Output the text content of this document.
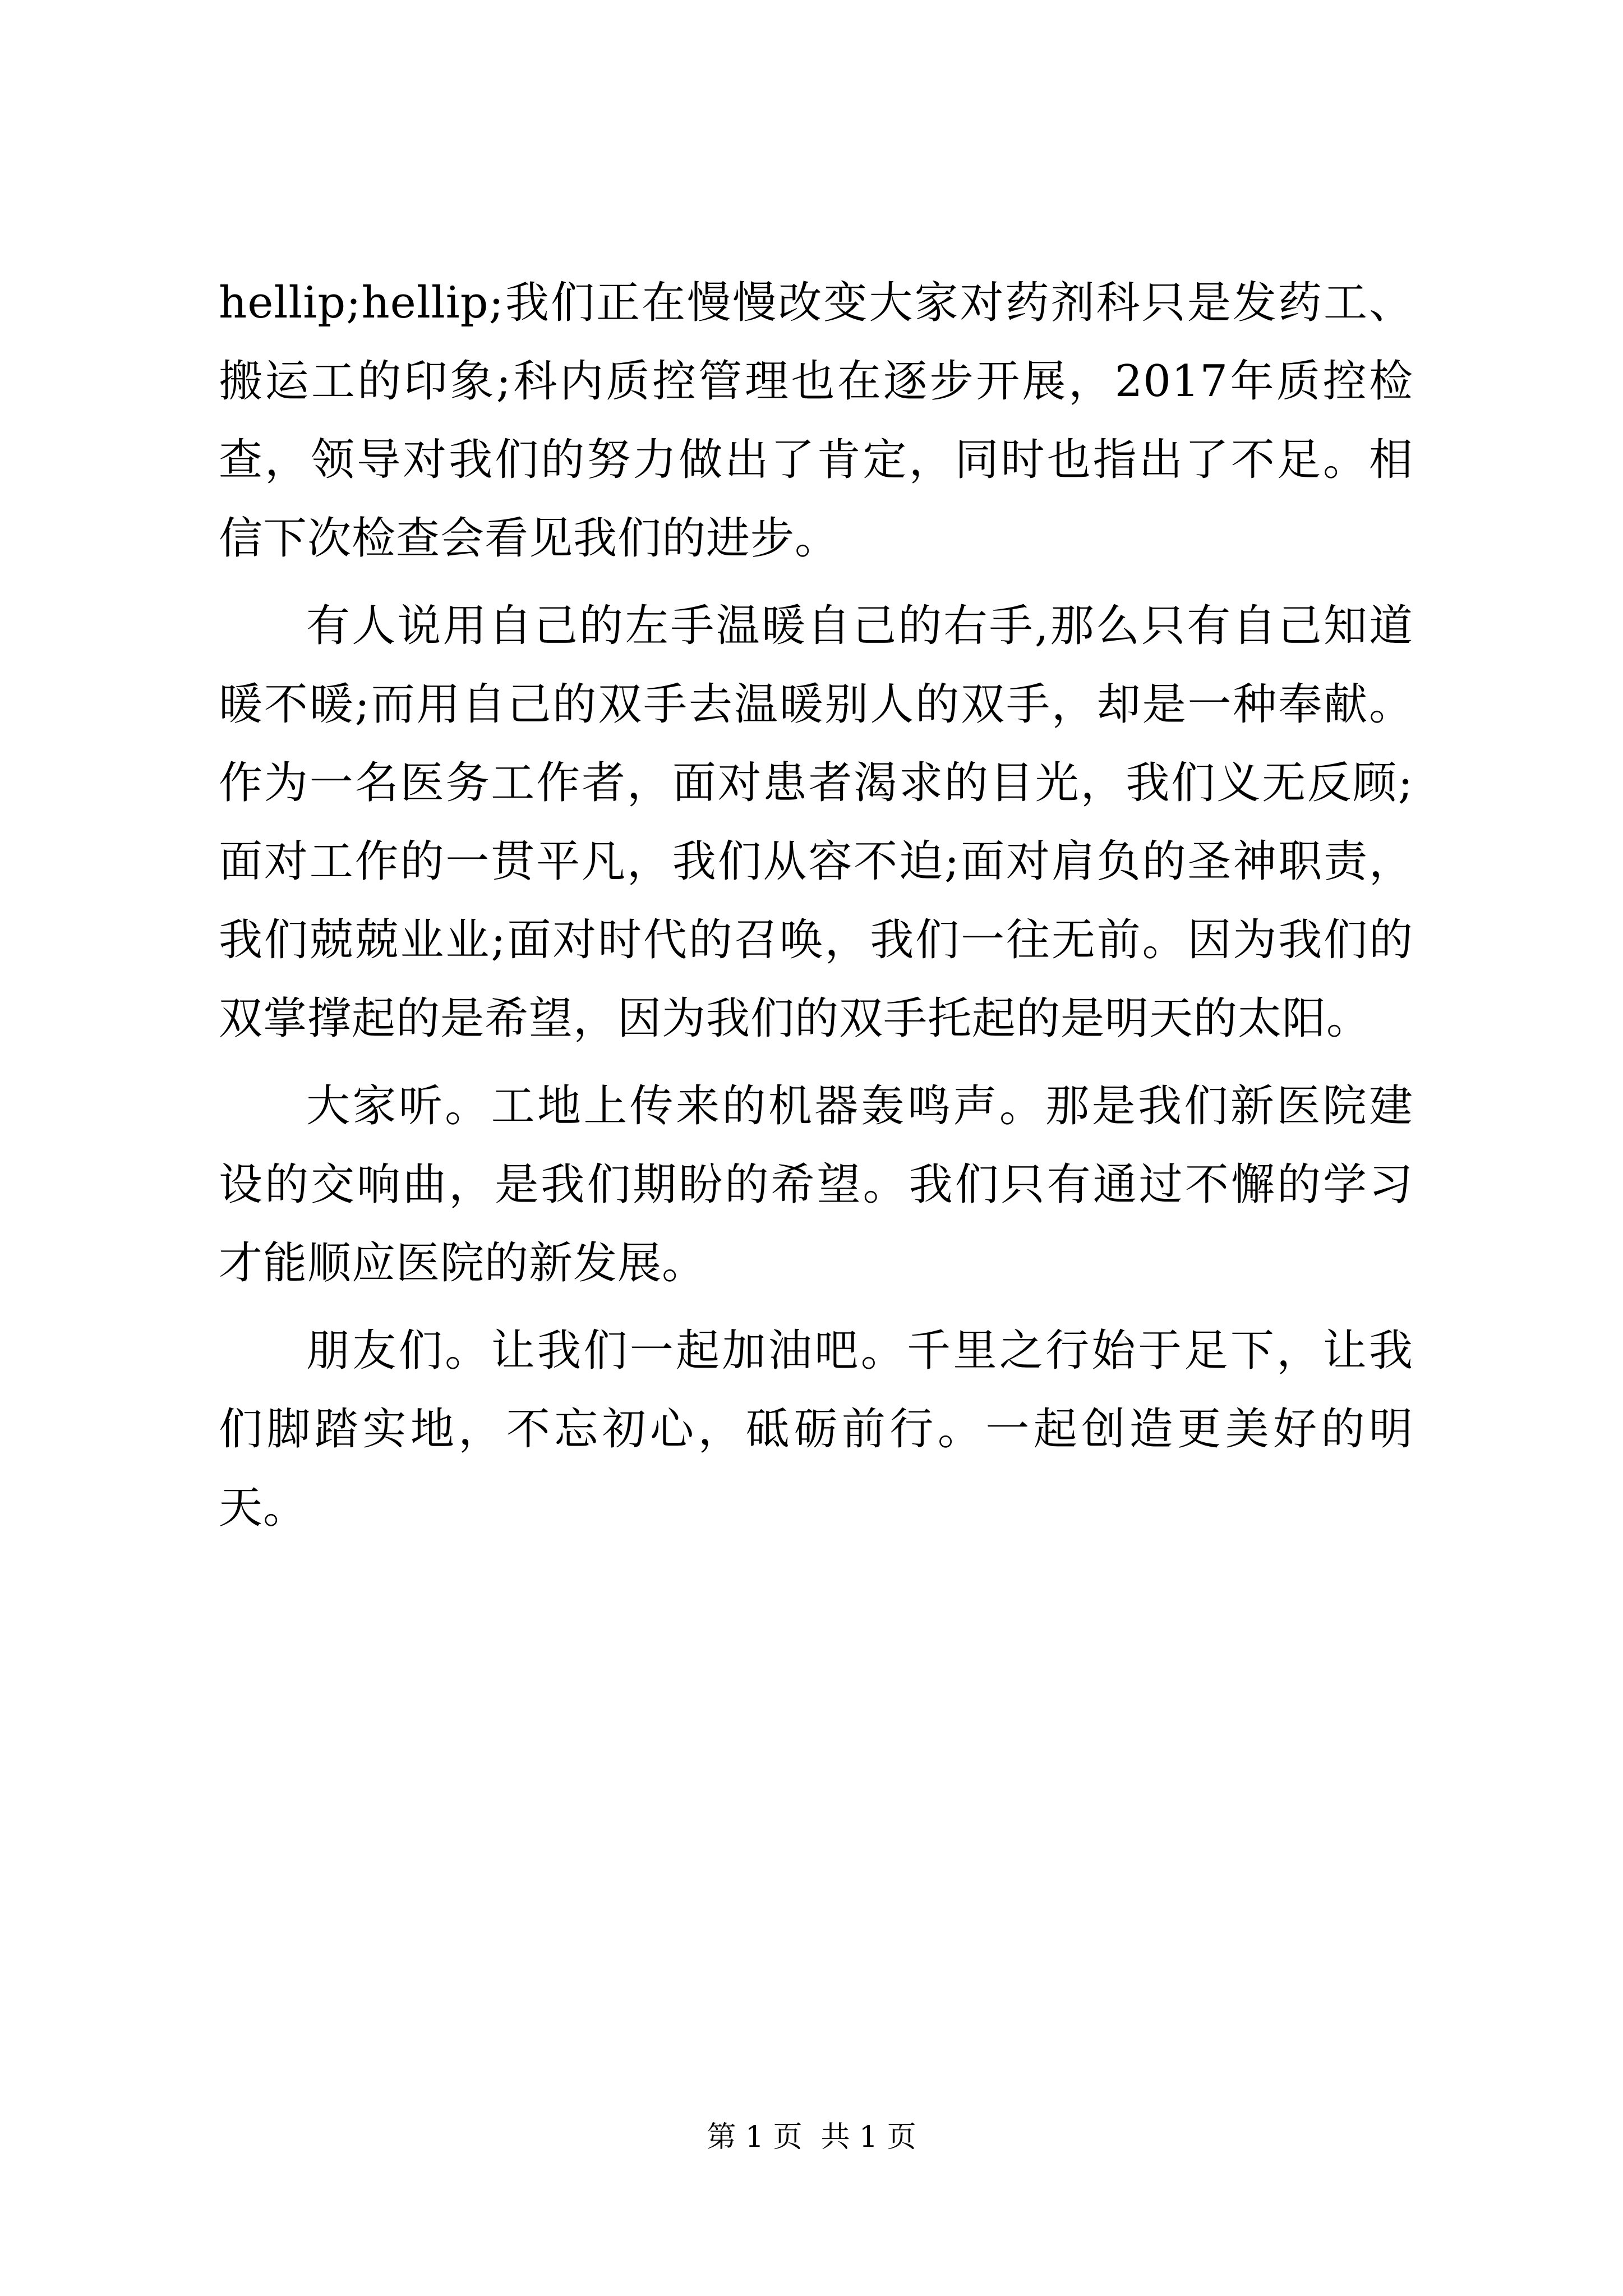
hellip;hellip;我们正在慢慢改变大家对药剂科只是发药工、搬运工的印象;科内质控管理也在逐步开展，2017年质控检查，领导对我们的努力做出了肯定，同时也指出了不足。相信下次检查会看见我们的进步。

有人说用自己的左手温暖自己的右手,那么只有自己知道暖不暖;而用自己的双手去温暖别人的双手，却是一种奉献。作为一名医务工作者，面对患者渴求的目光，我们义无反顾;面对工作的一贯平凡，我们从容不迫;面对肩负的圣神职责，我们兢兢业业;面对时代的召唤，我们一往无前。因为我们的双掌撑起的是希望，因为我们的双手托起的是明天的太阳。

大家听。工地上传来的机器轰鸣声。那是我们新医院建设的交响曲，是我们期盼的希望。我们只有通过不懈的学习才能顺应医院的新发展。

朋友们。让我们一起加油吧。千里之行始于足下，让我们脚踏实地，不忘初心，砥砺前行。一起创造更美好的明天。

第 1 页  共 1 页
